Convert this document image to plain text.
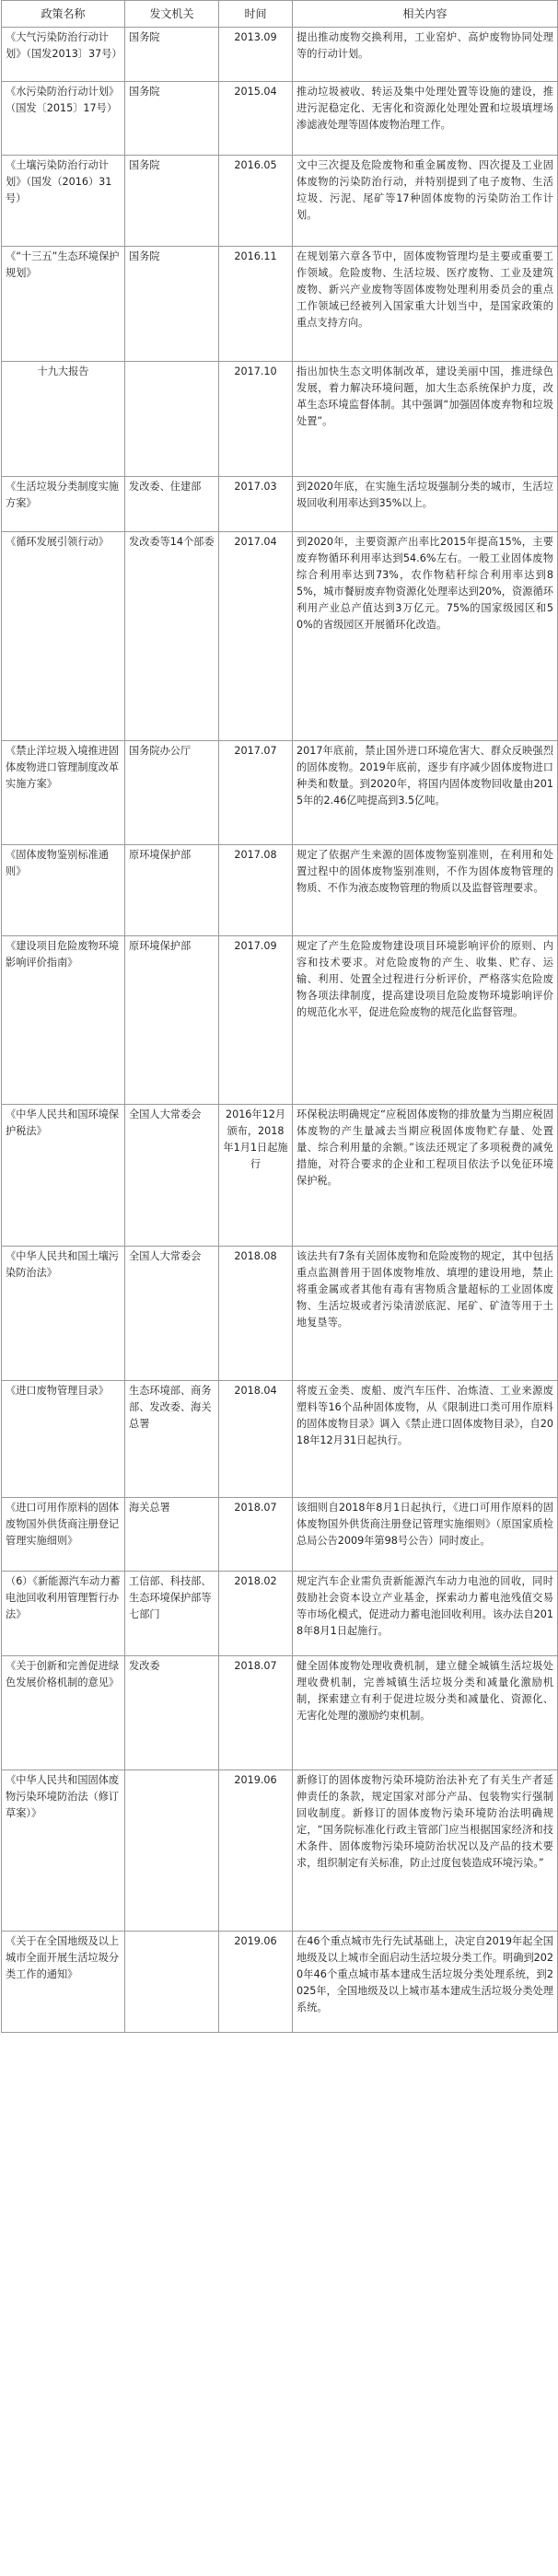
政策名称	发文机关	时间	相关内容
《大气污染防治行动计划》（国发2013〕37号）	国务院	2013.09	提出推动废物交换利用，工业窑炉、高炉废物协同处理等的行动计划。
《水污染防治行动计划》（国发〔2015〕17号）	国务院	2015.04	推动垃圾被收、转运及集中处理处置等设施的建设，推进污泥稳定化、无害化和资源化处理处置和垃圾填埋场渗滤液处理等固体废物治理工作。
《土壤污染防治行动计划》（国发（2016）31号）	国务院	2016.05	文中三次提及危险废物和重金属废物、四次提及工业固体废物的污染防治行动，并特别提到了电子废物、生活垃圾、污泥、尾矿等17种固体废物的污染防治工作计划。
《“十三五”生态环境保护规划》	国务院	2016.11	在规划第六章各节中，固体废物管理均是主要或重要工作领域。危险废物、生活垃圾、医疗废物、工业及建筑废物、新兴产业废物等固体废物处理利用委员会的重点工作领域已经被列入国家重大计划当中，是国家政策的重点支持方向。
十九大报告		2017.10	指出加快生态文明体制改革，建设美丽中国，推进绿色发展，着力解决环境问题，加大生态系统保护力度，改革生态环境监督体制。其中强调“加强固体废弃物和垃圾处置”。
《生活垃圾分类制度实施方案》	发改委、住建部	2017.03	到2020年底，在实施生活垃圾强制分类的城市，生活垃圾回收利用率达到35%以上。
《循环发展引领行动》	发改委等14个部委	2017.04	到2020年，主要资源产出率比2015年提高15%，主要废弃物循环利用率达到54.6%左右。一般工业固体废物综合利用率达到73%，农作物秸秆综合利用率达到85%，城市餐厨废弃物资源化处理率达到20%，资源循环利用产业总产值达到3万亿元。75%的国家级园区和50%的省级园区开展循环化改造。
《禁止洋垃圾入境推进固体废物进口管理制度改革实施方案》	国务院办公厅	2017.07	2017年底前，禁止国外进口环境危害大、群众反映强烈的固体废物。2019年底前，逐步有序减少固体废物进口种类和数量。到2020年，将国内固体废物回收量由2015年的2.46亿吨提高到3.5亿吨。
《固体废物鉴别标准通则》	原环境保护部	2017.08	规定了依据产生来源的固体废物鉴别准则，在利用和处置过程中的固体废物鉴别准则，不作为固体废物管理的物质、不作为液态废物管理的物质以及监督管理要求。
《建设项目危险废物环境影响评价指南》	原环境保护部	2017.09	规定了产生危险废物建设项目环境影响评价的原则、内容和技术要求。对危险废物的产生、收集、贮存、运输、利用、处置全过程进行分析评价，严格落实危险废物各项法律制度，提高建设项目危险废物环境影响评价的规范化水平，促进危险废物的规范化监督管理。
《中华人民共和国环境保护税法》	全国人大常委会	2016年12月颁布，2018年1月1日起施行	环保税法明确规定“应税固体废物的排放量为当期应税固体废物的产生量减去当期应税固体废物贮存量、处置量、综合利用量的余额。”该法还规定了多项税费的减免措施，对符合要求的企业和工程项目依法予以免征环境保护税。
《中华人民共和国土壤污染防治法》	全国人大常委会	2018.08	该法共有7条有关固体废物和危险废物的规定，其中包括重点监测普用于固体废物堆放、填埋的建设用地，禁止将重金属或者其他有毒有害物质含量超标的工业固体废物、生活垃圾或者污染清淤底泥、尾矿、矿渣等用于土地复垦等。
《进口废物管理目录》	生态环境部、商务部、发改委、海关总署	2018.04	将废五金类、废船、废汽车压件、冶炼渣、工业来源废塑料等16个品种固体废物，从《限制进口类可用作原料的固体废物目录》调入《禁止进口固体废物目录》，自2018年12月31日起执行。
《进口可用作原料的固体废物国外供货商注册登记管理实施细则》	海关总署	2018.07	该细则自2018年8月1日起执行，《进口可用作原料的固体废物国外供货商注册登记管理实施细则》（原国家质检总局公告2009年第98号公告）同时废止。
（6）《新能源汽车动力蓄电池回收利用管理暂行办法》	工信部、科技部、生态环境保护部等七部门	2018.02	规定汽车企业需负责新能源汽车动力电池的回收，同时鼓励社会资本设立产业基金，探索动力蓄电池残值交易等市场化模式，促进动力蓄电池回收利用。该办法自2018年8月1日起施行。
《关于创新和完善促进绿色发展价格机制的意见》	发改委	2018.07	健全固体废物处理收费机制，建立健全城镇生活垃圾处理收费机制，完善城镇生活垃圾分类和减量化激励机制，探索建立有利于促进垃圾分类和减量化、资源化、无害化处理的激励约束机制。
《中华人民共和国固体废物污染环境防治法（修订草案）》		2019.06	新修订的固体废物污染环境防治法补充了有关生产者延伸责任的条款，规定国家对部分产品、包装物实行强制回收制度。新修订的固体废物污染环境防治法明确规定，“国务院标准化行政主管部门应当根据国家经济和技术条件、固体废物污染环境防治状况以及产品的技术要求，组织制定有关标准，防止过度包装造成环境污染。”
《关于在全国地级及以上城市全面开展生活垃圾分类工作的通知》		2019.06	在46个重点城市先行先试基础上，决定自2019年起全国地级及以上城市全面启动生活垃圾分类工作。明确到2020年46个重点城市基本建成生活垃圾分类处理系统，到2025年，全国地级及以上城市基本建成生活垃圾分类处理系统。
